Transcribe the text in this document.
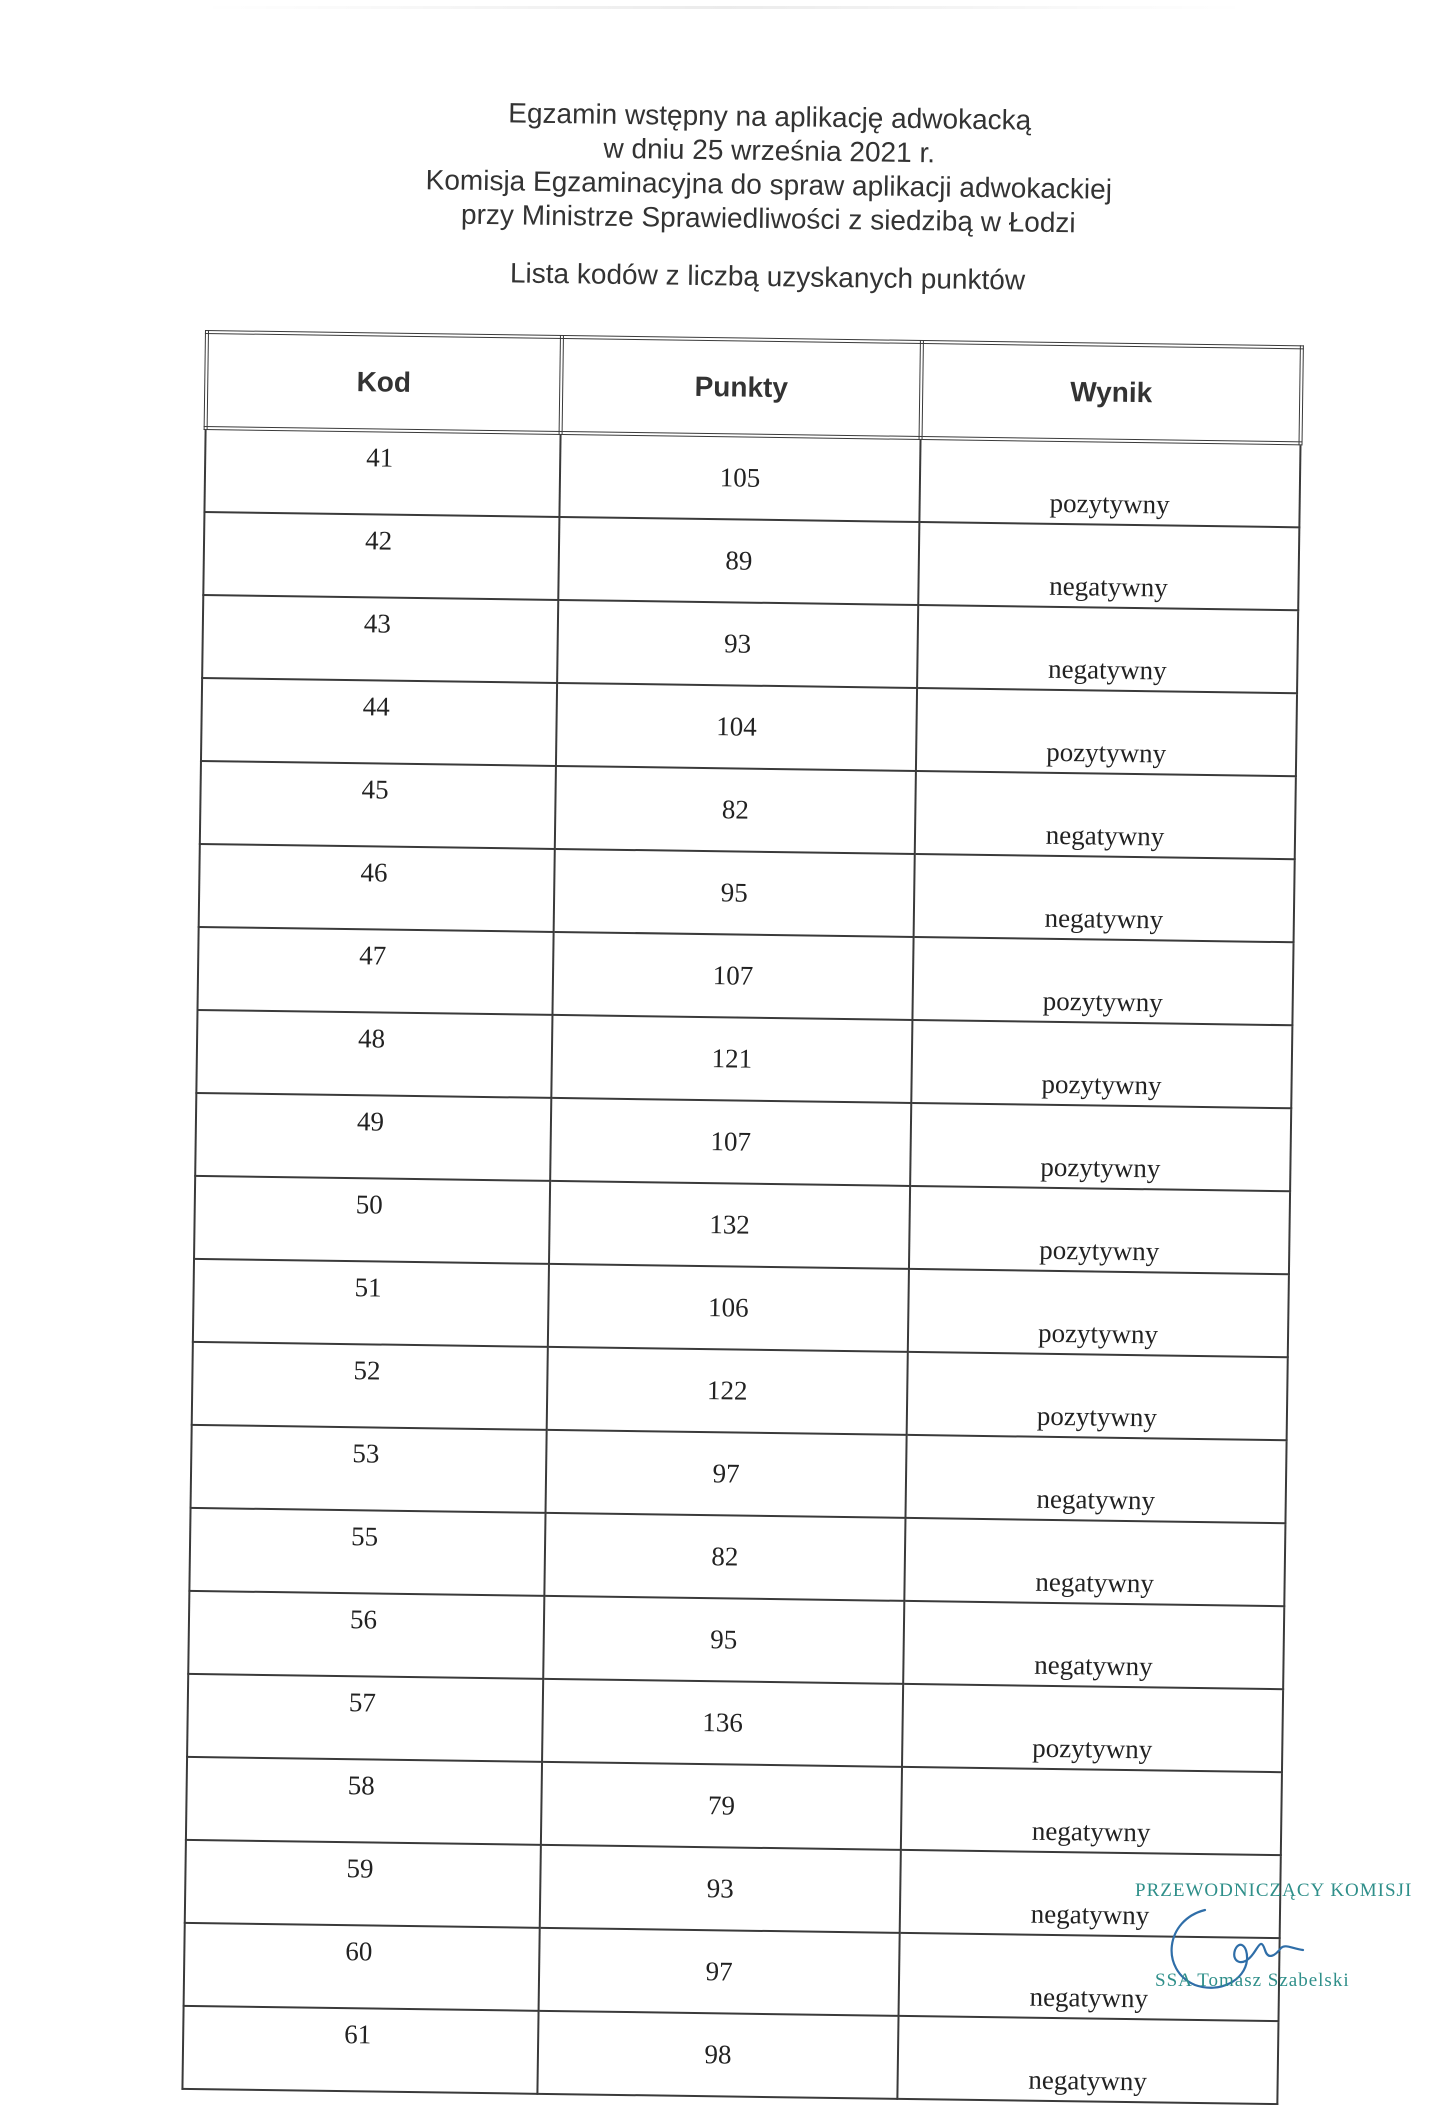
Egzamin wstępny na aplikację adwokacką
w dniu 25 września 2021 r.
Komisja Egzaminacyjna do spraw aplikacji adwokackiej
przy Ministrze Sprawiedliwości z siedzibą w Łodzi
Lista kodów z liczbą uzyskanych punktów
Kod	Punkty	Wynik
41	105	pozytywny
42	89	negatywny
43	93	negatywny
44	104	pozytywny
45	82	negatywny
46	95	negatywny
47	107	pozytywny
48	121	pozytywny
49	107	pozytywny
50	132	pozytywny
51	106	pozytywny
52	122	pozytywny
53	97	negatywny
55	82	negatywny
56	95	negatywny
57	136	pozytywny
58	79	negatywny
59	93	negatywny
60	97	negatywny
61	98	negatywny
PRZEWODNICZĄCY KOMISJI
SSA Tomasz Szabelski
